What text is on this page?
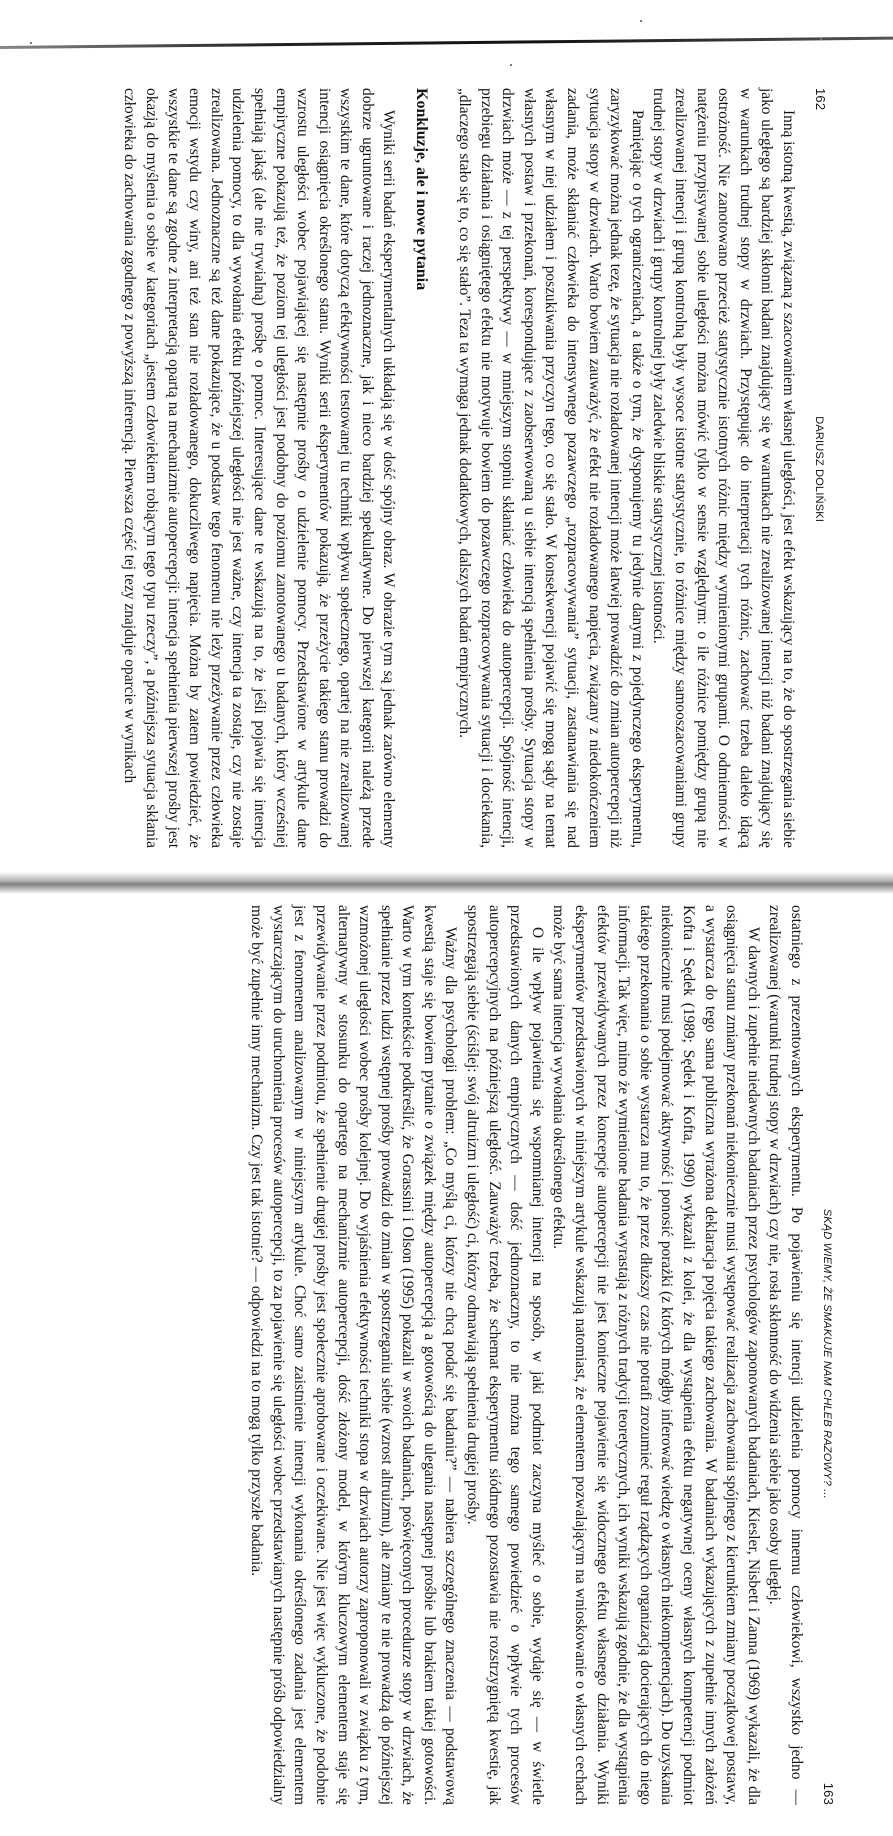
162
DARIUSZ DOLIŃSKI

Inną istotną kwestią, związaną z szacowaniem własnej uległości, jest efekt wskazujący na to, że do spostrzegania siebie jako uległego są bardziej skłonni badani znajdujący się w warunkach nie zrealizowanej intencji niż badani znajdujący się w warunkach trudnej stopy w drzwiach. Przystępując do interpretacji tych różnic, zachować trzeba daleko idącą ostrożność. Nie zanotowano przecież statystycznie istotnych różnic między wymienionymi grupami. O odmienności w natężeniu przypisywanej sobie uległości można mówić tylko w sensie względnym: o ile różnice pomiędzy grupą nie zrealizowanej intencji i grupą kontrolną były wysoce istotne statystycznie, to różnice między samooszacowaniami grupy trudnej stopy w drzwiach i grupy kontrolnej były zaledwie bliskie statystycznej istotności.

Pamiętając o tych ograniczeniach, a także o tym, że dysponujemy tu jedynie danymi z pojedynczego eksperymentu, zaryzykować można jednak tezę, że sytuacja nie rozładowanej intencji może łatwiej prowadzić do zmian autopercepcji niż sytuacja stopy w drzwiach. Warto bowiem zauważyć, że efekt nie rozładowanego napięcia, związany z niedokończeniem zadania, może skłaniać człowieka do intensywnego pozawczego „rozpracowywania” sytuacji, zastanawiania się nad własnym w niej udziałem i poszukiwania przyczyn tego, co się stało. W konsekwencji pojawić się mogą sądy na temat własnych postaw i przekonań, korespondujące z zaobserwowaną u siebie intencją spełnienia prośby. Sytuacja stopy w drzwiach może — z tej perspektywy — w mniejszym stopniu skłaniać człowieka do autopercepcji. Spójność intencji, przebiegu działania i osiągniętego efektu nie motywuje bowiem do pozawczego rozpracowywania sytuacji i dociekania, „dlaczego stało się to, co się stało”. Teza ta wymaga jednak dodatkowych, dalszych badań empirycznych.

Konkluzje, ale i nowe pytania

Wyniki serii badań eksperymentalnych układają się w dość spójny obraz. W obrazie tym są jednak zarówno elementy dobrze ugruntowane i raczej jednoznaczne, jak i nieco bardziej spekulatywne. Do pierwszej kategorii należą przede wszystkim te dane, które dotyczą efektywności testowanej tu techniki wpływu społecznego, opartej na nie zrealizowanej intencji osiągnięcia określonego stanu. Wyniki serii eksperymentów pokazują, że przeżycie takiego stanu prowadzi do wzrostu uległości wobec pojawiającej się następnie prośby o udzielenie pomocy. Przedstawione w artykule dane empiryczne pokazują też, że poziom tej uległości jest podobny do poziomu zanotowanego u badanych, który wcześniej spełniają jakąś (ale nie trywialną) prośbę o pomoc. Interesujące dane te wskazują na to, że jeśli pojawia się intencja udzielenia pomocy, to dla wywołania efektu późniejszej uległości nie jest ważne, czy intencja ta zostaje, czy nie zostaje zrealizowana. Jednoznaczne są też dane pokazujące, że u podstaw tego fenomenu nie leży przeżywanie przez człowieka emocji wstydu czy winy, ani też stan nie rozładowanego, dokuczliwego napięcia. Można by zatem powiedzieć, że wszystkie te dane są zgodne z interpretacją opartą na mechanizmie autopercepcji: intencja spełnienia pierwszej prośby jest okazją do myślenia o sobie w kategoriach „jestem człowiekiem robiącym tego typu rzeczy”, a późniejsza sytuacja skłania człowieka do zachowania zgodnego z powyższą inferencją. Pierwsza część tej tezy znajduje oparcie w wynikach

SKĄD WIEMY, ŻE SMAKUJE NAM CHLEB RAZOWY? ...
163

ostatniego z prezentowanych eksperymentu. Po pojawieniu się intencji udzielenia pomocy innemu człowiekowi, wszystko jedno — zrealizowanej (warunki trudnej stopy w drzwiach) czy nie, rosła skłonność do widzenia siebie jako osoby uległej.

W dawnych i zupełnie niedawnych badaniach przez psychologów zaponowanych badaniach, Kiesler, Nisbett i Zanna (1969) wykazali, że dla osiągnięcia stanu zmiany przekonań niekoniecznie musi występować realizacja zachowania spójnego z kierunkiem zmiany początkowej postawy, a wystarcza do tego sama publiczna wyrażona deklaracja pojęcia takiego zachowania. W badaniach wykazujących z zupełnie innych założeń Kofta i Sędek (1989; Sędek i Kofta, 1990) wykazali z kolei, że dla wystąpienia efektu negatywnej oceny własnych kompetencji podmiot niekoniecznie musi podejmować aktywność i ponosić porażki (z których mógłby inferować wiedzę o własnych niekompetencjach). Do uzyskania takiego przekonania o sobie wystarcza mu to, że przez dłuższy czas nie potrafi zrozumieć reguł rządzących organizacją docierających do niego informacji. Tak więc, mimo że wymienione badania wyrastają z różnych tradycji teoretycznych, ich wyniki wskazują zgodnie, że dla wystąpienia efektów przewidywanych przez koncepcje autopercepcji nie jest konieczne pojawienie się widocznego efektu własnego działania. Wyniki eksperymentów przedstawionych w niniejszym artykule wskazują natomiast, że elementem pozwalającym na wnioskowanie o własnych cechach może być sama intencja wywołania określonego efektu.

O ile wpływ pojawienia się wspomnianej intencji na sposób, w jaki podmiot zaczyna myśleć o sobie, wydaje się — w świetle przedstawionych danych empirycznych — dość jednoznaczny, to nie można tego samego powiedzieć o wpływie tych procesów autopercepcyjnych na późniejszą uległość. Zauważyć trzeba, że schemat eksperymentu siódmego pozostawia nie rozstrzygniętą kwestię, jak spostrzegają siebie (ściślej: swój altruizm i uległość) ci, którzy odmawiają spełnienia drugiej prośby.

Ważny dla psychologii problem: „Co myślą ci, którzy nie chcą podać się badaniu?” — nabiera szczególnego znaczenia — podstawową kwestią staje się bowiem pytanie o związek między autopercepcją a gotowością do ulegania następnej prośbie lub brakiem takiej gotowości. Warto w tym kontekście podkreślić, że Gorassini i Olson (1995) pokazali w swoich badaniach, poświęconych procedurze stopy w drzwiach, że spełnianie przez ludzi wstępnej prośby prowadzi do zmian w spostrzeganiu siebie (wzrost altruizmu), ale zmiany te nie prowadzą do późniejszej wzmożonej uległości wobec prośby kolejnej. Do wyjaśnienia efektywności techniki stopa w drzwiach autorzy zaproponowali w związku z tym, alternatywny w stosunku do opartego na mechanizmie autopercepcji, dość złożony model, w którym kluczowym elementem staje się przewidywanie przez podmiotu, że spełnienie drugiej prośby jest społecznie aprobowane i oczekiwane. Nie jest więc wykluczone, że podobnie jest z fenomenem analizowanym w niniejszym artykule. Choć samo zaistnienie intencji wykonania określonego zadania jest elementem wystarczającym do uruchomienia procesów autopercepcji, to za pojawienie się uległości wobec przedstawianych następnie próśb odpowiedzialny może być zupełnie inny mechanizm. Czy jest tak istotnie? — odpowiedzi na to mogą tylko przyszłe badania.
